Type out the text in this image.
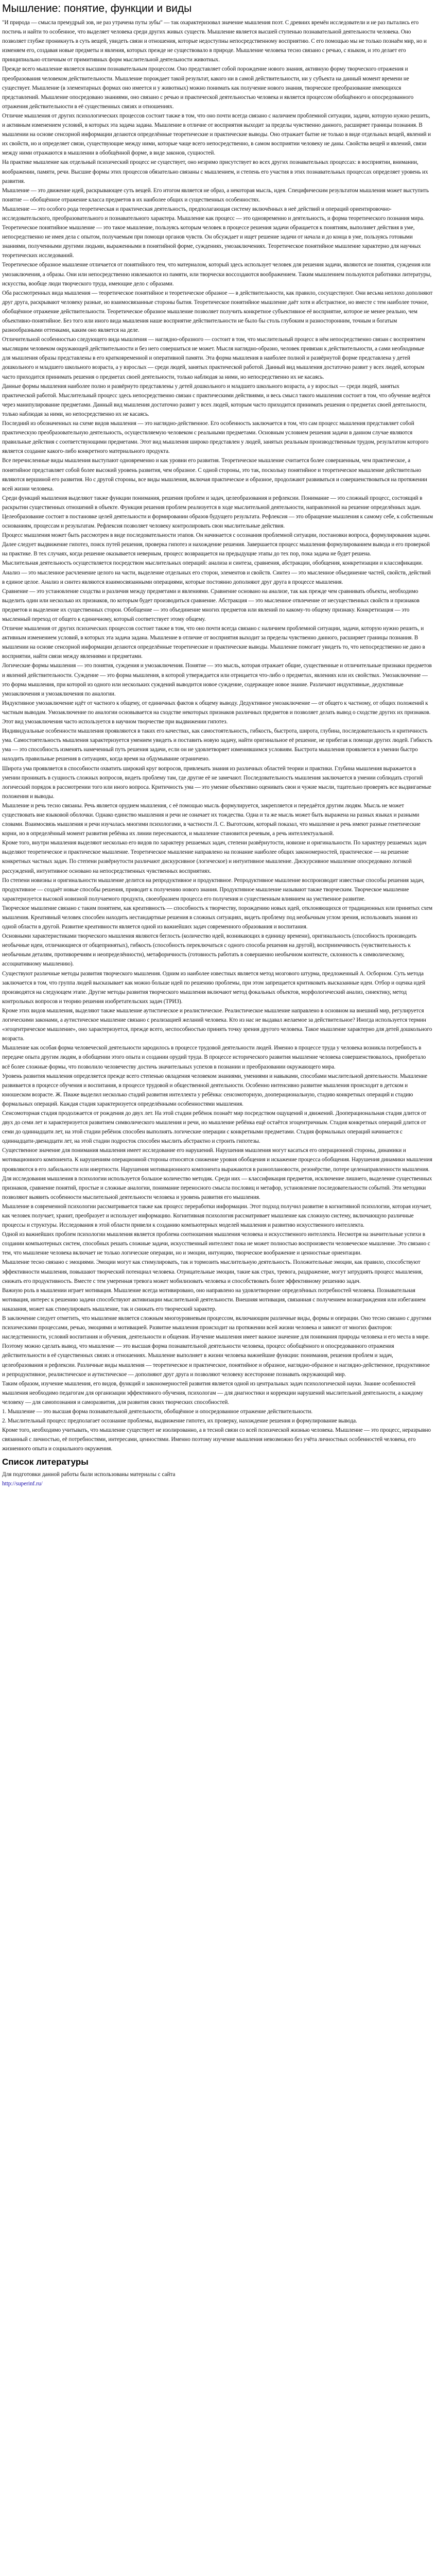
Мышление: понятие, функции и виды

"И природа — смысла премудрый зов, не раз утрачена путы зубы" — так охарактеризовал значение мышления поэт. С древних времён исследователи и не раз пытались его постичь и найти то особенное, что выделяет человека среди других живых существ. Мышление является высшей ступенью познавательной деятельности человека. Оно позволяет глубже проникнуть в суть вещей, увидеть связи и отношения, которые недоступны непосредственному восприятию. С его помощью мы не только познаём мир, но и изменяем его, создавая новые предметы и явления, которых прежде не существовало в природе. Мышление человека тесно связано с речью, с языком, и это делает его принципиально отличным от примитивных форм мыслительной деятельности животных.

Прежде всего мышление является высшим познавательным процессом. Оно представляет собой порождение нового знания, активную форму творческого отражения и преобразования человеком действительности. Мышление порождает такой результат, какого ни в самой действительности, ни у субъекта на данный момент времени не существует. Мышление (в элементарных формах оно имеется и у животных) можно понимать как получение нового знания, творческое преобразование имеющихся представлений. Мышление опосредовано знаниями, оно связано с речью и практической деятельностью человека и является процессом обобщённого и опосредованного отражения действительности в её существенных связях и отношениях.

Отличие мышления от других психологических процессов состоит также в том, что оно почти всегда связано с наличием проблемной ситуации, задачи, которую нужно решить, и активным изменением условий, в которых эта задача задана. Мышление в отличие от восприятия выходит за пределы чувственно данного, расширяет границы познания. В мышлении на основе сенсорной информации делаются определённые теоретические и практические выводы. Оно отражает бытие не только в виде отдельных вещей, явлений и их свойств, но и определяет связи, существующие между ними, которые чаще всего непосредственно, в самом восприятии человеку не даны. Свойства вещей и явлений, связи между ними отражаются в мышлении в обобщённой форме, в виде законов, сущностей.

На практике мышление как отдельный психический процесс не существует, оно незримо присутствует во всех других познавательных процессах: в восприятии, внимании, воображении, памяти, речи. Высшие формы этих процессов обязательно связаны с мышлением, и степень его участия в этих познавательных процессах определяет уровень их развития.

Мышление — это движение идей, раскрывающее суть вещей. Его итогом является не образ, а некоторая мысль, идея. Специфическим результатом мышления может выступить понятие — обобщённое отражение класса предметов в их наиболее общих и существенных особенностях.

Мышление — это особого рода теоретическая и практическая деятельность, предполагающая систему включённых в неё действий и операций ориентировочно-исследовательского, преобразовательного и познавательного характера. Мышление как процесс — это одновременно и деятельность, и форма теоретического познания мира.

Теоретическое понятийное мышление — это такое мышление, пользуясь которым человек в процессе решения задачи обращается к понятиям, выполняет действия в уме, непосредственно не имея дела с опытом, получаемым при помощи органов чувств. Он обсуждает и ищет решение задачи от начала и до конца в уме, пользуясь готовыми знаниями, полученными другими людьми, выраженными в понятийной форме, суждениях, умозаключениях. Теоретическое понятийное мышление характерно для научных теоретических исследований.

Теоретическое образное мышление отличается от понятийного тем, что материалом, который здесь использует человек для решения задачи, являются не понятия, суждения или умозаключения, а образы. Они или непосредственно извлекаются из памяти, или творчески воссоздаются воображением. Таким мышлением пользуются работники литературы, искусства, вообще люди творческого труда, имеющие дело с образами.

Оба рассмотренных вида мышления — теоретическое понятийное и теоретическое образное — в действительности, как правило, сосуществуют. Они весьма неплохо дополняют друг друга, раскрывают человеку разные, но взаимосвязанные стороны бытия. Теоретическое понятийное мышление даёт хотя и абстрактное, но вместе с тем наиболее точное, обобщённое отражение действительности. Теоретическое образное мышление позволяет получить конкретное субъективное её восприятие, которое не менее реально, чем объективно-понятийное. Без того или иного вида мышления наше восприятие действительности не было бы столь глубоким и разносторонним, точным и богатым разнообразными оттенками, каким оно является на деле.

Отличительной особенностью следующего вида мышления — наглядно-образного — состоит в том, что мыслительный процесс в нём непосредственно связан с восприятием мыслящим человеком окружающей действительности и без него совершаться не может. Мысля наглядно-образно, человек привязан к действительности, а сами необходимые для мышления образы представлены в его кратковременной и оперативной памяти. Эта форма мышления в наиболее полной и развёрнутой форме представлена у детей дошкольного и младшего школьного возраста, а у взрослых — среди людей, занятых практической работой. Данный вид мышления достаточно развит у всех людей, которым часто приходится принимать решения о предметах своей деятельности, только наблюдая за ними, но непосредственно их не касаясь.

Данные формы мышления наиболее полно и развёрнуто представлены у детей дошкольного и младшего школьного возраста, а у взрослых — среди людей, занятых практической работой. Мыслительный процесс здесь непосредственно связан с практическими действиями, и весь смысл такого мышления состоит в том, что обучение ведётся через манипулирование предметами. Данный вид мышления достаточно развит у всех людей, которым часто приходится принимать решения о предметах своей деятельности, только наблюдая за ними, но непосредственно их не касаясь.

Последний из обозначенных на схеме видов мышления — это наглядно-действенное. Его особенность заключается в том, что сам процесс мышления представляет собой практическую преобразовательную деятельность, осуществляемую человеком с реальными предметами. Основным условием решения задачи в данном случае являются правильные действия с соответствующими предметами. Этот вид мышления широко представлен у людей, занятых реальным производственным трудом, результатом которого является создание какого-либо конкретного материального продукта.

Все перечисленные виды мышления выступают одновременно и как уровни его развития. Теоретическое мышление считается более совершенным, чем практическое, а понятийное представляет собой более высокий уровень развития, чем образное. С одной стороны, это так, поскольку понятийное и теоретическое мышление действительно являются вершиной его развития. Но с другой стороны, все виды мышления, включая практическое и образное, продолжают развиваться и совершенствоваться на протяжении всей жизни человека.

Среди функций мышления выделяют также функции понимания, решения проблем и задач, целеобразования и рефлексии. Понимание — это сложный процесс, состоящий в раскрытии существенных отношений в объекте. Функция решения проблем реализуется в ходе мыслительной деятельности, направленной на решение определённых задач. Целеобразование состоит в постановке целей деятельности и формировании образов будущего результата. Рефлексия — это обращение мышления к самому себе, к собственным основаниям, процессам и результатам. Рефлексия позволяет человеку контролировать свои мыслительные действия.

Процесс мышления может быть рассмотрен в виде последовательности этапов. Он начинается с осознания проблемной ситуации, постановки вопроса, формулирования задачи. Далее следует выдвижение гипотез, поиск путей решения, проверка гипотез и нахождение решения. Завершается процесс мышления формулированием вывода и его проверкой на практике. В тех случаях, когда решение оказывается неверным, процесс возвращается на предыдущие этапы до тех пор, пока задача не будет решена.

Мыслительная деятельность осуществляется посредством мыслительных операций: анализа и синтеза, сравнения, абстракции, обобщения, конкретизации и классификации. Анализ — это мысленное расчленение целого на части, выделение отдельных его сторон, элементов и свойств. Синтез — это мысленное объединение частей, свойств, действий в единое целое. Анализ и синтез являются взаимосвязанными операциями, которые постоянно дополняют друг друга в процессе мышления.

Сравнение — это установление сходства и различия между предметами и явлениями. Сравнение основано на анализе, так как прежде чем сравнивать объекты, необходимо выделить один или несколько их признаков, по которым будет производиться сравнение. Абстракция — это мысленное отвлечение от несущественных свойств и признаков предметов и выделение их существенных сторон. Обобщение — это объединение многих предметов или явлений по какому-то общему признаку. Конкретизация — это мысленный переход от общего к единичному, который соответствует этому общему.

Отличие мышления от других психических процессов состоит также в том, что оно почти всегда связано с наличием проблемной ситуации, задачи, которую нужно решить, и активным изменением условий, в которых эта задача задана. Мышление в отличие от восприятия выходит за пределы чувственно данного, расширяет границы познания. В мышлении на основе сенсорной информации делаются определённые теоретические и практические выводы. Мышление помогает увидеть то, что непосредственно не дано в восприятии, найти связи между явлениями и предметами.

Логические формы мышления — это понятия, суждения и умозаключения. Понятие — это мысль, которая отражает общие, существенные и отличительные признаки предметов и явлений действительности. Суждение — это форма мышления, в которой утверждается или отрицается что-либо о предметах, явлениях или их свойствах. Умозаключение — это форма мышления, при которой из одного или нескольких суждений выводится новое суждение, содержащее новое знание. Различают индуктивные, дедуктивные умозаключения и умозаключения по аналогии.

Индуктивное умозаключение идёт от частного к общему, от единичных фактов к общему выводу. Дедуктивное умозаключение — от общего к частному, от общих положений к частным выводам. Умозаключение по аналогии основывается на сходстве некоторых признаков различных предметов и позволяет делать вывод о сходстве других их признаков. Этот вид умозаключения часто используется в научном творчестве при выдвижении гипотез.

Индивидуальные особенности мышления проявляются в таких его качествах, как самостоятельность, гибкость, быстрота, широта, глубина, последовательность и критичность ума. Самостоятельность мышления характеризуется умением увидеть и поставить новую задачу, найти оригинальное её решение, не прибегая к помощи других людей. Гибкость ума — это способность изменять намеченный путь решения задачи, если он не удовлетворяет изменившимся условиям. Быстрота мышления проявляется в умении быстро находить правильные решения в ситуациях, когда время на обдумывание ограничено.

Широта ума проявляется в способности охватить широкий круг вопросов, привлекать знания из различных областей теории и практики. Глубина мышления выражается в умении проникать в сущность сложных вопросов, видеть проблему там, где другие её не замечают. Последовательность мышления заключается в умении соблюдать строгий логический порядок в рассмотрении того или иного вопроса. Критичность ума — это умение объективно оценивать свои и чужие мысли, тщательно проверять все выдвигаемые положения и выводы.

Мышление и речь тесно связаны. Речь является орудием мышления, с её помощью мысль формулируется, закрепляется и передаётся другим людям. Мысль не может существовать вне языковой оболочки. Однако единство мышления и речи не означает их тождества. Одна и та же мысль может быть выражена на разных языках и разными словами. Взаимосвязь мышления и речи изучалась многими психологами, в частности Л. С. Выготским, который показал, что мышление и речь имеют разные генетические корни, но в определённый момент развития ребёнка их линии пересекаются, и мышление становится речевым, а речь интеллектуальной.

Кроме того, внутри мышления выделяют несколько его видов по характеру решаемых задач, степени развёрнутости, новизне и оригинальности. По характеру решаемых задач выделяют теоретическое и практическое мышление. Теоретическое мышление направлено на познание наиболее общих закономерностей, практическое — на решение конкретных частных задач. По степени развёрнутости различают дискурсивное (логическое) и интуитивное мышление. Дискурсивное мышление опосредовано логикой рассуждений, интуитивное основано на непосредственных чувственных восприятиях.

По степени новизны и оригинальности мышление делится на репродуктивное и продуктивное. Репродуктивное мышление воспроизводит известные способы решения задач, продуктивное — создаёт новые способы решения, приводит к получению нового знания. Продуктивное мышление называют также творческим. Творческое мышление характеризуется высокой новизной получаемого продукта, своеобразием процесса его получения и существенным влиянием на умственное развитие.

Творческое мышление связано с таким понятием, как креативность — способность к творчеству, порождению новых идей, отклоняющихся от традиционных или принятых схем мышления. Креативный человек способен находить нестандартные решения в сложных ситуациях, видеть проблему под необычным углом зрения, использовать знания из одной области в другой. Развитие креативности является одной из важнейших задач современного образования и воспитания.

Основными характеристиками творческого мышления являются беглость (количество идей, возникающих в единицу времени), оригинальность (способность производить необычные идеи, отличающиеся от общепринятых), гибкость (способность переключаться с одного способа решения на другой), восприимчивость (чувствительность к необычным деталям, противоречиям и неопределённости), метафоричность (готовность работать в совершенно необычном контексте, склонность к символическому, ассоциативному мышлению).

Существуют различные методы развития творческого мышления. Одним из наиболее известных является метод мозгового штурма, предложенный А. Осборном. Суть метода заключается в том, что группа людей высказывает как можно больше идей по решению проблемы, при этом запрещается критиковать высказанные идеи. Отбор и оценка идей производятся на следующем этапе. Другие методы развития творческого мышления включают метод фокальных объектов, морфологический анализ, синектику, метод контрольных вопросов и теорию решения изобретательских задач (ТРИЗ).

Кроме этих видов мышления, выделяют также мышление аутистическое и реалистическое. Реалистическое мышление направлено в основном на внешний мир, регулируется логическими законами, а аутистическое мышление связано с реализацией желаний человека. Кто из нас не выдавал желаемое за действительное? Иногда используется термин «эгоцентрическое мышление», оно характеризуется, прежде всего, неспособностью принять точку зрения другого человека. Такое мышление характерно для детей дошкольного возраста.

Мышление как особая форма человеческой деятельности зародилось в процессе трудовой деятельности людей. Именно в процессе труда у человека возникла потребность в передаче опыта другим людям, в обобщении этого опыта и создании орудий труда. В процессе исторического развития мышление человека совершенствовалось, приобретало всё более сложные формы, что позволило человечеству достичь значительных успехов в познании и преобразовании окружающего мира.

Уровень развития мышления определяется прежде всего степенью овладения человеком знаниями, умениями и навыками, способами мыслительной деятельности. Мышление развивается в процессе обучения и воспитания, в процессе трудовой и общественной деятельности. Особенно интенсивно развитие мышления происходит в детском и юношеском возрасте. Ж. Пиаже выделил несколько стадий развития интеллекта у ребёнка: сенсомоторную, дооперациональную, стадию конкретных операций и стадию формальных операций. Каждая стадия характеризуется определёнными особенностями мышления.

Сенсомоторная стадия продолжается от рождения до двух лет. На этой стадии ребёнок познаёт мир посредством ощущений и движений. Дооперациональная стадия длится от двух до семи лет и характеризуется развитием символического мышления и речи, но мышление ребёнка ещё остаётся эгоцентричным. Стадия конкретных операций длится от семи до одиннадцати лет, на этой стадии ребёнок способен выполнять логические операции с конкретными предметами. Стадия формальных операций начинается с одиннадцати-двенадцати лет, на этой стадии подросток способен мыслить абстрактно и строить гипотезы.

Существенное значение для понимания мышления имеет исследование его нарушений. Нарушения мышления могут касаться его операционной стороны, динамики и мотивационного компонента. К нарушениям операционной стороны относятся снижение уровня обобщения и искажение процесса обобщения. Нарушения динамики мышления проявляются в его лабильности или инертности. Нарушения мотивационного компонента выражаются в разноплановости, резонёрстве, потере целенаправленности мышления.

Для исследования мышления в психологии используется большое количество методик. Среди них — классификация предметов, исключение лишнего, выделение существенных признаков, сравнение понятий, простые и сложные аналогии, понимание переносного смысла пословиц и метафор, установление последовательности событий. Эти методики позволяют выявить особенности мыслительной деятельности человека и уровень развития его мышления.

Мышление в современной психологии рассматривается также как процесс переработки информации. Этот подход получил развитие в когнитивной психологии, которая изучает, как человек получает, хранит, преобразует и использует информацию. Когнитивная психология рассматривает мышление как сложную систему, включающую различные процессы и структуры. Исследования в этой области привели к созданию компьютерных моделей мышления и развитию искусственного интеллекта.

Одной из важнейших проблем психологии мышления является проблема соотношения мышления человека и искусственного интеллекта. Несмотря на значительные успехи в создании компьютерных систем, способных решать сложные задачи, искусственный интеллект пока не может полностью воспроизвести человеческое мышление. Это связано с тем, что мышление человека включает не только логические операции, но и эмоции, интуицию, творческое воображение и ценностные ориентации.

Мышление тесно связано с эмоциями. Эмоции могут как стимулировать, так и тормозить мыслительную деятельность. Положительные эмоции, как правило, способствуют эффективности мышления, повышают творческий потенциал человека. Отрицательные эмоции, такие как страх, тревога, раздражение, могут затруднять процесс мышления, снижать его продуктивность. Вместе с тем умеренная тревога может мобилизовать человека и способствовать более эффективному решению задач.

Важную роль в мышлении играет мотивация. Мышление всегда мотивировано, оно направлено на удовлетворение определённых потребностей человека. Познавательная мотивация, интерес к решению задачи способствуют активизации мыслительной деятельности. Внешняя мотивация, связанная с получением вознаграждения или избеганием наказания, может как стимулировать мышление, так и снижать его творческий характер.

В заключение следует отметить, что мышление является сложным многоуровневым процессом, включающим различные виды, формы и операции. Оно тесно связано с другими психическими процессами, речью, эмоциями и мотивацией. Развитие мышления происходит на протяжении всей жизни человека и зависит от многих факторов: наследственности, условий воспитания и обучения, деятельности и общения. Изучение мышления имеет важное значение для понимания природы человека и его места в мире.

Поэтому можно сделать вывод, что мышление — это высшая форма познавательной деятельности человека, процесс обобщённого и опосредованного отражения действительности в её существенных связях и отношениях. Мышление выполняет в жизни человека важнейшие функции: понимания, решения проблем и задач, целеобразования и рефлексии. Различные виды мышления — теоретическое и практическое, понятийное и образное, наглядно-образное и наглядно-действенное, продуктивное и репродуктивное, реалистическое и аутистическое — дополняют друг друга и позволяют человеку всесторонне познавать окружающий мир.

Таким образом, изучение мышления, его видов, функций и закономерностей развития является одной из центральных задач психологической науки. Знание особенностей мышления необходимо педагогам для организации эффективного обучения, психологам — для диагностики и коррекции нарушений мыслительной деятельности, а каждому человеку — для самопознания и саморазвития, для развития своих творческих способностей.

1. Мышление — это высшая форма познавательной деятельности, обобщённое и опосредованное отражение действительности.

2. Мыслительный процесс предполагает осознание проблемы, выдвижение гипотез, их проверку, нахождение решения и формулирование вывода.

Кроме того, необходимо учитывать, что мышление существует не изолированно, а в тесной связи со всей психической жизнью человека. Мышление — это процесс, неразрывно связанный с личностью, её потребностями, интересами, ценностями. Именно поэтому изучение мышления невозможно без учёта личностных особенностей человека, его жизненного опыта и социального окружения.

Список литературы

Для подготовки данной работы были использованы материалы с сайта

http://superinf.ru/
